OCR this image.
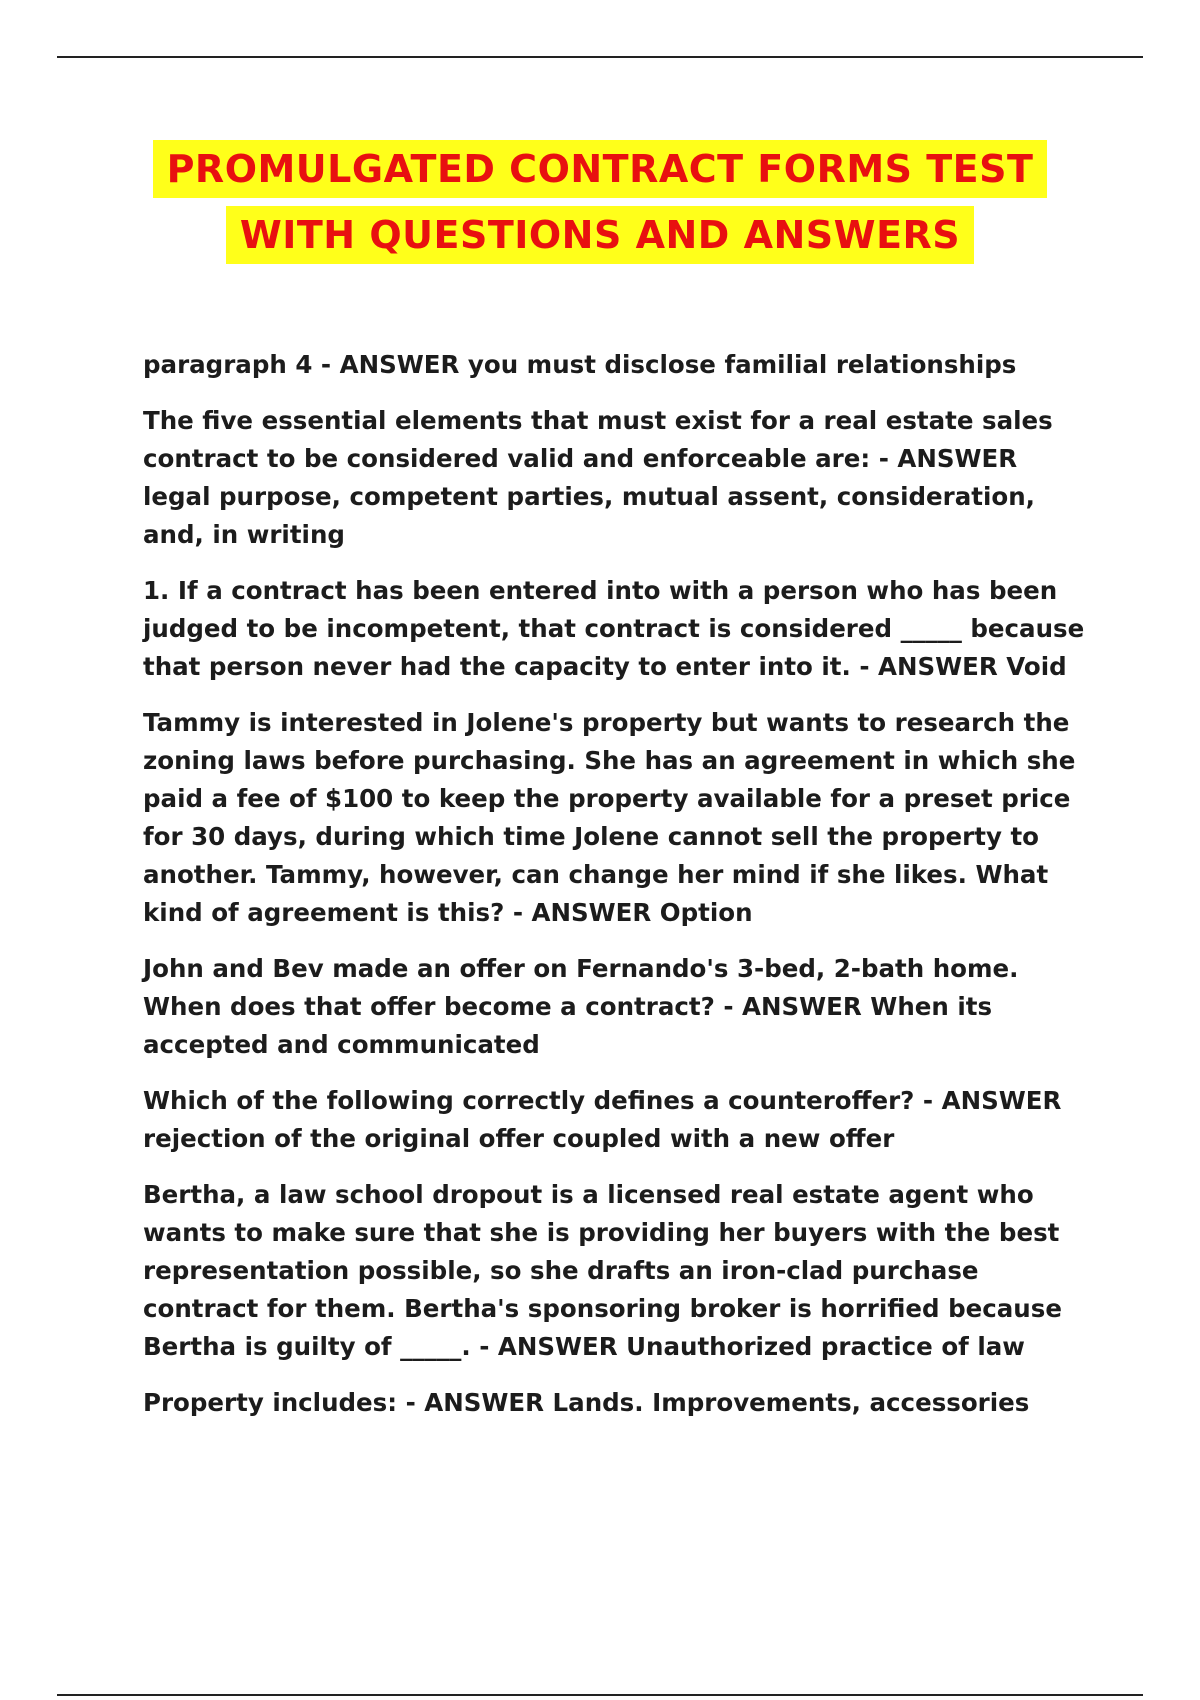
PROMULGATED CONTRACT FORMS TEST
WITH QUESTIONS AND ANSWERS

paragraph 4 - ANSWER you must disclose familial relationships

The five essential elements that must exist for a real estate sales contract to be considered valid and enforceable are: - ANSWER legal purpose, competent parties, mutual assent, consideration, and, in writing

1. If a contract has been entered into with a person who has been judged to be incompetent, that contract is considered _____ because that person never had the capacity to enter into it. - ANSWER Void

Tammy is interested in Jolene's property but wants to research the zoning laws before purchasing. She has an agreement in which she paid a fee of $100 to keep the property available for a preset price for 30 days, during which time Jolene cannot sell the property to another. Tammy, however, can change her mind if she likes. What kind of agreement is this? - ANSWER Option

John and Bev made an offer on Fernando's 3-bed, 2-bath home. When does that offer become a contract? - ANSWER When its accepted and communicated

Which of the following correctly defines a counteroffer? - ANSWER rejection of the original offer coupled with a new offer

Bertha, a law school dropout is a licensed real estate agent who wants to make sure that she is providing her buyers with the best representation possible, so she drafts an iron-clad purchase contract for them. Bertha's sponsoring broker is horrified because Bertha is guilty of _____. - ANSWER Unauthorized practice of law

Property includes: - ANSWER Lands. Improvements, accessories
